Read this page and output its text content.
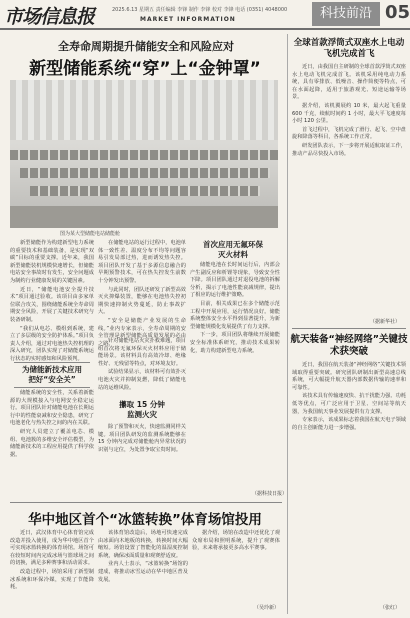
市场信息报	2025.6.13 星期五 责任编辑 李锋 制作 李锋 校对 李锋 电话 (0351) 4048000
MARKET INFORMATION	科技前沿 05
全寿命周期提升储能安全和风险应对
新型储能系统“穿”上“金钟罩”
图为某大型储能电站储能舱

新型储能作为构建新型电力系统的重要技术和基础装备，是实现“双碳”目标的重要支撑。近年来，我国新型储能装机规模快速增长，但储能电站安全事故时有发生，安全问题成为制约行业健康发展的关键因素。

近日，“储能电池安全提升技术”项目通过验收。该项目由多家单位联合攻关，围绕储能系统全寿命周期安全风险，开展了关键技术研究与装备研制。

“我们从电芯、模组到系统，建立了多层级的安全防护体系。”项目负责人介绍，通过对电池热失控机理的深入研究，团队实现了对储能系统运行状态的实时感知和风险预判。

为储能新技术应用
把好“安全关”

储能系统的安全性，关系着新能源的大规模接入与电网安全稳定运行。项目团队针对储能电池在长期运行中的性能衰减和安全隐患，研究了电池老化与热失控之间的内在关联。

研究人员建立了覆盖电芯、模组、电池簇的多维安全评估模型，为储能新技术的工程应用提供了科学依据。

在储能电站的运行过程中，电池单体一致性差、温度分布不均等问题容易引发局部过热，进而诱发热失控。项目团队开发了基于多源信息融合的早期预警技术，可在热失控发生前数十分钟发出预警。

与此同时，团队还研发了新型高效灭火抑爆装置，能够在电池热失控初期快速抑制火势蔓延，防止事故扩大。

“安全是储能产业发展的生命线。”业内专家表示，全寿命周期的安全管理是新型储能高质量发展的必由之路。

首次应用无氟环保
灭火材料

针对储能电站火灾扑救难题，项目组首次将无氟环保灭火材料应用于储能场景。该材料具有高效冷却、绝缘性好、无残留等特点，对环境友好。

试验结果显示，该材料可有效扑灭电池火灾并抑制复燃，降低了储能电站的运维风险。

攥取 15 分钟
监测火灾

除了预警和灭火，快速监测同样关键。项目团队研发的监测系统能够在 15 分钟内完成对储能舱内异常状况的识别与定位，为处置争取宝贵时间。

储能电池在长时间运行后，内部会产生副反应和析锂等现象，导致安全性下降。项目团队通过对退役电池的拆解分析，揭示了电池性能衰减规律，提出了相应的运行维护策略。

目前，相关成果已在多个储能示范工程中开展应用，运行情况良好。储能系统整体安全水平得到显著提升，为新型储能规模化发展提供了有力支撑。

下一步，项目团队将继续开展储能安全标准体系研究，推动技术成果转化，助力构建新型电力系统。

（据科技日报）
华中地区首个“冰篮转换”体育场馆投用

近日，武汉体育中心体育馆完成改造并投入使用，成为华中地区首个可实现冰篮转换的体育场馆。场馆可在较短时间内完成冰场与篮球场之间的切换，满足多种赛事和活动需求。

改造过程中，场馆采用了新型制冰系统和环保冷媒，实现了节能降耗。

该体育馆改造后，场地可快速完成由冰面向木地板的转换，转换时间大幅缩短。场馆设置了智能化的温湿度控制系统，确保冰面质量和观赛舒适度。

业内人士表示，“冰篮转换”场馆的建成，将推动冰雪运动在华中地区普及发展。

据介绍，场馆在改造中还优化了观众席布局和照明系统，提升了观赛体验，未来将承接更多高水平赛事。

（吴玲新）
全球首款浮筒式双座水上电动飞机完成首飞

近日，由我国自主研制的全球首款浮筒式双座水上电动飞机完成首飞。该机采用纯电动力系统，具有零排放、低噪音、操作简便等特点，可在水面起降，适用于旅游观光、短途运输等场景。

据介绍，该机翼展约 10 米，最大起飞重量 600 千克，续航时间约 1 小时，最大平飞速度每小时 120 公里。

首飞过程中，飞机完成了滑行、起飞、空中盘旋和降落等科目，各系统工作正常。

研发团队表示，下一步将开展适航取证工作，推动产品尽快投入市场。

（据新华社）
航天装备“神经网络”关键技术获突破

近日，我国在航天装备“神经网络”关键技术领域取得重要突破。研究团队研制出新型高速总线系统，可大幅提升航天器内部数据传输的速率和可靠性。

该技术具有传输速度快、抗干扰能力强、功耗低等优点，可广泛应用于卫星、空间站等航天器，为我国航天事业发展提供有力支撑。

专家表示，该成果标志着我国在航天电子领域的自主创新能力进一步增强。

（张红）
